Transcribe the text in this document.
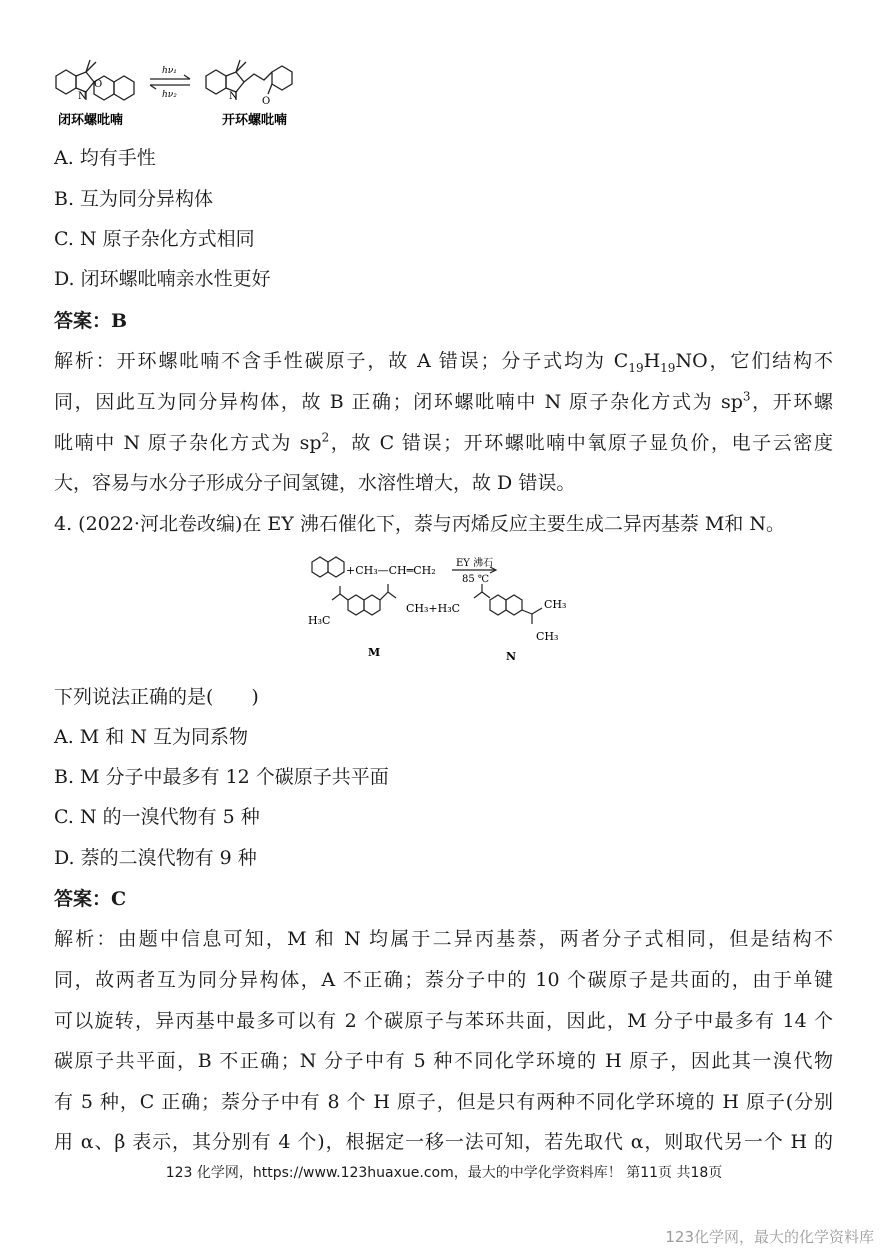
N
O
hν₁
hν₂	N O
闭环螺吡喃	开环螺吡喃
A. 均有手性
B. 互为同分异构体
C. N 原子杂化方式相同
D. 闭环螺吡喃亲水性更好
答案：B
解析：开环螺吡喃不含手性碳原子，故 A 错误；分子式均为 $C_{19}H_{19}NO$，它们结构不
同，因此互为同分异构体，故 B 正确；闭环螺吡喃中 N 原子杂化方式为 $sp^3$，开环螺
吡喃中 N 原子杂化方式为 $sp^2$，故 C 错误；开环螺吡喃中氧原子显负价，电子云密度
大，容易与水分子形成分子间氢键，水溶性增大，故 D 错误。
4. (2022·河北卷改编)在 EY 沸石催化下，萘与丙烯反应主要生成二异丙基萘 M和 N。
+CH₃—CH═CH₂
EY 沸石
85 ℃
H₃C
CH₃+H₃C	CH₃
CH₃
M	N
下列说法正确的是(　　)
A. M 和 N 互为同系物
B. M 分子中最多有 12 个碳原子共平面
C. N 的一溴代物有 5 种
D. 萘的二溴代物有 9 种
答案：C
解析：由题中信息可知，M 和 N 均属于二异丙基萘，两者分子式相同，但是结构不
同，故两者互为同分异构体，A 不正确；萘分子中的 10 个碳原子是共面的，由于单键
可以旋转，异丙基中最多可以有 2 个碳原子与苯环共面，因此，M 分子中最多有 14 个
碳原子共平面，B 不正确；N 分子中有 5 种不同化学环境的 H 原子，因此其一溴代物
有 5 种，C 正确；萘分子中有 8 个 H 原子，但是只有两种不同化学环境的 H 原子(分别
用 α、β 表示，其分别有 4 个)，根据定一移一法可知，若先取代 α，则取代另一个 H 的
123 化学网，https://www.123huaxue.com，最大的中学化学资料库！ 第11页 共18页
123化学网，最大的化学资料库
